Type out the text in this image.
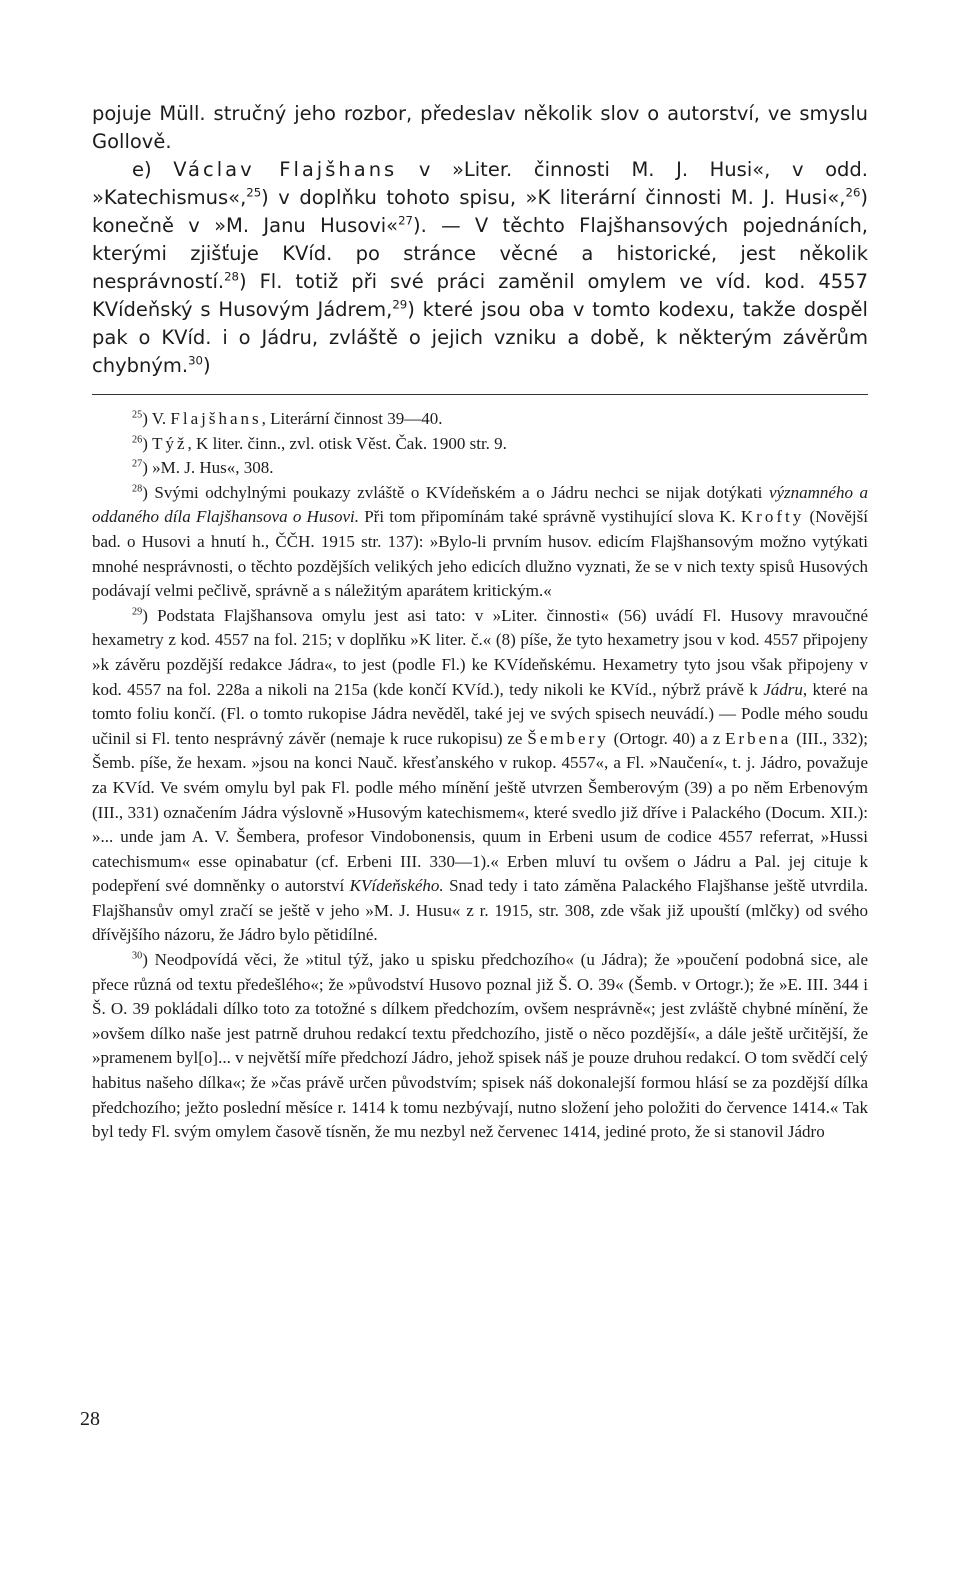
pojuje Müll. stručný jeho rozbor, předeslav několik slov o autorství, ve smyslu Gollově.

e) Václav Flajšhans v »Liter. činnosti M. J. Husi«, v odd. »Katechismus«,$^{25}$) v doplňku tohoto spisu, »K literární činnosti M. J. Husi«,$^{26}$) konečně v »M. Janu Husovi«$^{27}$). — V těchto Flajšhansových pojednáních, kterými zjišťuje KVíd. po stránce věcné a historické, jest několik nesprávností.$^{28}$) Fl. totiž při své práci zaměnil omylem ve víd. kod. 4557 KVídeňský s Husovým Jádrem,$^{29}$) které jsou oba v tomto kodexu, takže dospěl pak o KVíd. i o Jádru, zvláště o jejich vzniku a době, k některým závěrům chybným.$^{30}$)

$^{25}$) V. Flajšhans, Literární činnost 39—40.

$^{26}$) Týž, K liter. činn., zvl. otisk Věst. Čak. 1900 str. 9.

$^{27}$) »M. J. Hus«, 308.

$^{28}$) Svými odchylnými poukazy zvláště o KVídeňském a o Jádru nechci se nijak dotýkati významného a oddaného díla Flajšhansova o Husovi. Při tom připomínám také správně vystihující slova K. Krofty (Novější bad. o Husovi a hnutí h., ČČH. 1915 str. 137): »Bylo-li prvním husov. edicím Flajšhansovým možno vytýkati mnohé nesprávnosti, o těchto pozdějších velikých jeho edicích dlužno vyznati, že se v nich texty spisů Husových podávají velmi pečlivě, správně a s náležitým aparátem kritickým.«

$^{29}$) Podstata Flajšhansova omylu jest asi tato: v »Liter. činnosti« (56) uvádí Fl. Husovy mravoučné hexametry z kod. 4557 na fol. 215; v doplňku »K liter. č.« (8) píše, že tyto hexametry jsou v kod. 4557 připojeny »k závěru pozdější redakce Jádra«, to jest (podle Fl.) ke KVídeňskému. Hexametry tyto jsou však připojeny v kod. 4557 na fol. 228a a nikoli na 215a (kde končí KVíd.), tedy nikoli ke KVíd., nýbrž právě k Jádru, které na tomto foliu končí. (Fl. o tomto rukopise Jádra nevěděl, také jej ve svých spisech neuvádí.) — Podle mého soudu učinil si Fl. tento nesprávný závěr (nemaje k ruce rukopisu) ze Šembery (Ortogr. 40) a z Erbena (III., 332); Šemb. píše, že hexam. »jsou na konci Nauč. křesťanského v rukop. 4557«, a Fl. »Naučení«, t. j. Jádro, považuje za KVíd. Ve svém omylu byl pak Fl. podle mého mínění ještě utvrzen Šemberovým (39) a po něm Erbenovým (III., 331) označením Jádra výslovně »Husovým katechismem«, které svedlo již dříve i Palackého (Docum. XII.): »... unde jam A. V. Šembera, profesor Vindobonensis, quum in Erbeni usum de codice 4557 referrat, »Hussi catechismum« esse opinabatur (cf. Erbeni III. 330—1).« Erben mluví tu ovšem o Jádru a Pal. jej cituje k podepření své domněnky o autorství KVídeňského. Snad tedy i tato záměna Palackého Flajšhanse ještě utvrdila. Flajšhansův omyl zračí se ještě v jeho »M. J. Husu« z r. 1915, str. 308, zde však již upouští (mlčky) od svého dřívějšího názoru, že Jádro bylo pětidílné.

$^{30}$) Neodpovídá věci, že »titul týž, jako u spisku předchozího« (u Jádra); že »poučení podobná sice, ale přece různá od textu předešlého«; že »původství Husovo poznal již Š. O. 39« (Šemb. v Ortogr.); že »E. III. 344 i Š. O. 39 pokládali dílko toto za totožné s dílkem předchozím, ovšem nesprávně«; jest zvláště chybné mínění, že »ovšem dílko naše jest patrně druhou redakcí textu předchozího, jistě o něco pozdější«, a dále ještě určitější, že »pramenem byl[o]... v největší míře předchozí Jádro, jehož spisek náš je pouze druhou redakcí. O tom svědčí celý habitus našeho dílka«; že »čas právě určen původstvím; spisek náš dokonalejší formou hlásí se za pozdější dílka předchozího; ježto poslední měsíce r. 1414 k tomu nezbývají, nutno složení jeho položiti do července 1414.« Tak byl tedy Fl. svým omylem časově tísněn, že mu nezbyl než červenec 1414, jediné proto, že si stanovil Jádro

28
